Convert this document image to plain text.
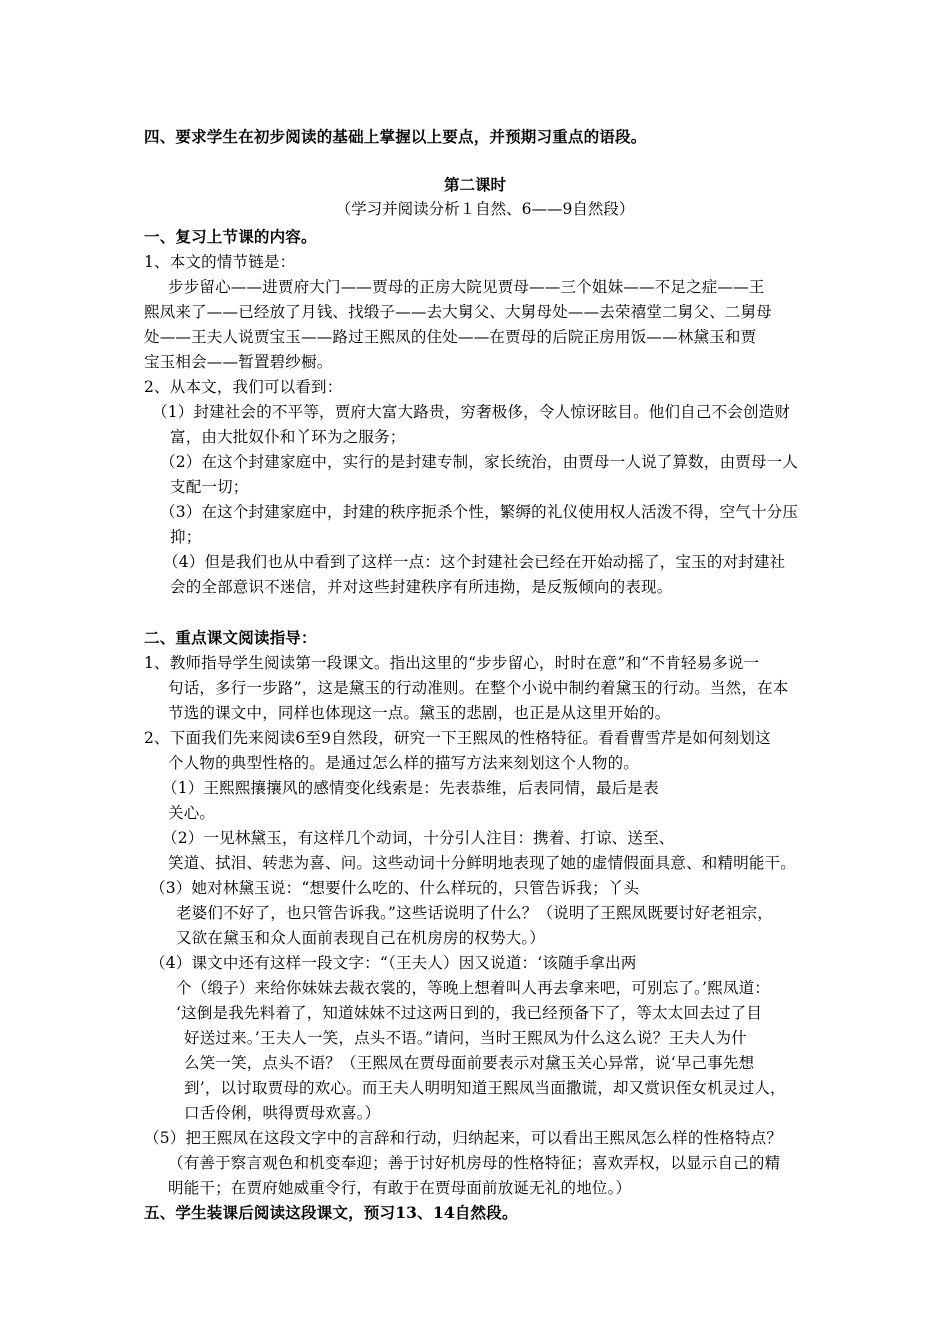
四、要求学生在初步阅读的基础上掌握以上要点，并预期习重点的语段。
第二课时
（学习并阅读分析１自然、6——9自然段）
一、复习上节课的内容。
1、本文的情节链是：
步步留心——进贾府大门——贾母的正房大院见贾母——三个姐妹——不足之症——王
熙凤来了——已经放了月钱、找缎子——去大舅父、大舅母处——去荣禧堂二舅父、二舅母
处——王夫人说贾宝玉——路过王熙凤的住处——在贾母的后院正房用饭——林黛玉和贾
宝玉相会——暂置碧纱橱。
2、从本文，我们可以看到：
（1）封建社会的不平等，贾府大富大路贵，穷奢极侈，令人惊讶眩目。他们自己不会创造财
富，由大批奴仆和丫环为之服务；
（2）在这个封建家庭中，实行的是封建专制，家长统治，由贾母一人说了算数，由贾母一人
支配一切；
（3）在这个封建家庭中，封建的秩序扼杀个性，繁缛的礼仪使用权人活泼不得，空气十分压
抑；
（4）但是我们也从中看到了这样一点：这个封建社会已经在开始动摇了，宝玉的对封建社
会的全部意识不迷信，并对这些封建秩序有所违拗，是反叛倾向的表现。
二、重点课文阅读指导：
1、教师指导学生阅读第一段课文。指出这里的“步步留心，时时在意”和“不肯轻易多说一
句话，多行一步路”，这是黛玉的行动准则。在整个小说中制约着黛玉的行动。当然，在本
节选的课文中，同样也体现这一点。黛玉的悲剧，也正是从这里开始的。
2、下面我们先来阅读6至9自然段，研究一下王熙凤的性格特征。看看曹雪芹是如何刻划这
个人物的典型性格的。是通过怎么样的描写方法来刻划这个人物的。
（1）王熙熙攘攘风的感情变化线索是：先表恭维，后表同情，最后是表
关心。
（2）一见林黛玉，有这样几个动词，十分引人注目：携着、打谅、送至、
笑道、拭泪、转悲为喜、问。这些动词十分鲜明地表现了她的虚情假面具意、和精明能干。
（3）她对林黛玉说：“想要什么吃的、什么样玩的，只管告诉我；丫头
老婆们不好了，也只管告诉我。”这些话说明了什么？（说明了王熙凤既要讨好老祖宗，
又欲在黛玉和众人面前表现自己在机房房的权势大。）
（4）课文中还有这样一段文字：“（王夫人）因又说道：‘该随手拿出两
个（缎子）来给你妹妹去裁衣裳的，等晚上想着叫人再去拿来吧，可别忘了。’熙凤道：
‘这倒是我先料着了，知道妹妹不过这两日到的，我已经预备下了，等太太回去过了目
好送过来。’王夫人一笑，点头不语。”请问，当时王熙凤为什么这么说？王夫人为什
么笑一笑，点头不语？（王熙凤在贾母面前要表示对黛玉关心异常，说‘早己事先想
到’，以讨取贾母的欢心。而王夫人明明知道王熙凤当面撒谎，却又赏识侄女机灵过人，
口舌伶俐，哄得贾母欢喜。）
（5）把王熙凤在这段文字中的言辞和行动，归纳起来，可以看出王熙凤怎么样的性格特点？
（有善于察言观色和机变奉迎；善于讨好机房母的性格特征；喜欢弄权，以显示自己的精
明能干；在贾府她威重令行，有敢于在贾母面前放诞无礼的地位。）
五、学生装课后阅读这段课文，预习13、14自然段。
